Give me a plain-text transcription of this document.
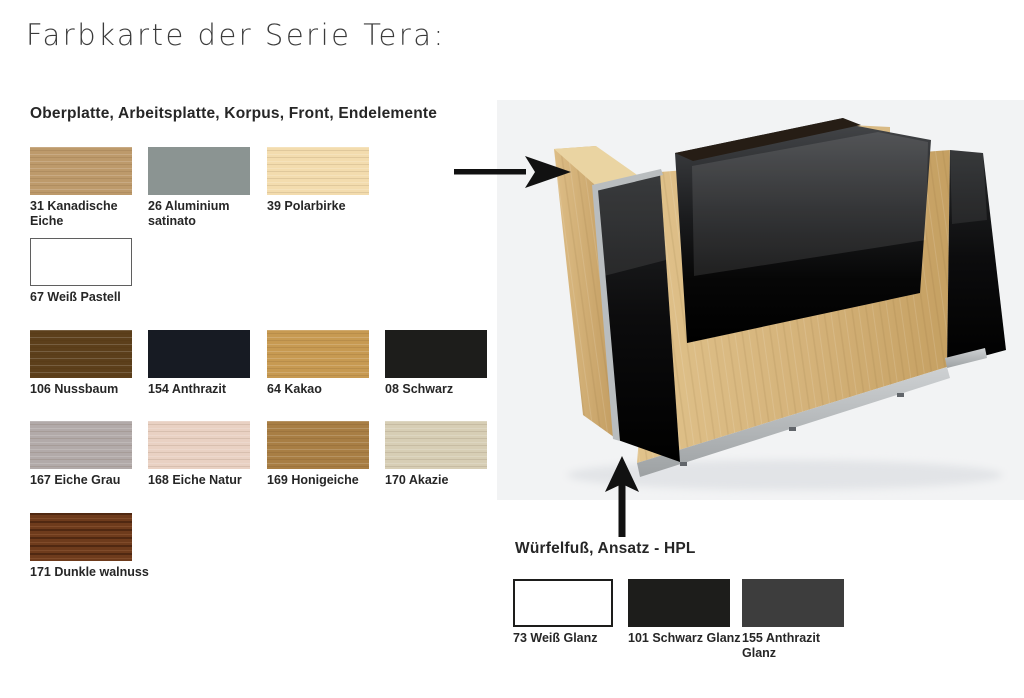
Farbkarte der Serie Tera:
Oberplatte, Arbeitsplatte, Korpus, Front, Endelemente
31 Kanadische Eiche
26 Aluminium satinato
39 Polarbirke
67 Weiß Pastell
106 Nussbaum	154 Anthrazit	64 Kakao	08 Schwarz
167 Eiche Grau	168 Eiche Natur	169 Honigeiche	170 Akazie
171 Dunkle walnuss
Würfelfuß, Ansatz - HPL
73 Weiß Glanz	101 Schwarz Glanz 155 Anthrazit Glanz
